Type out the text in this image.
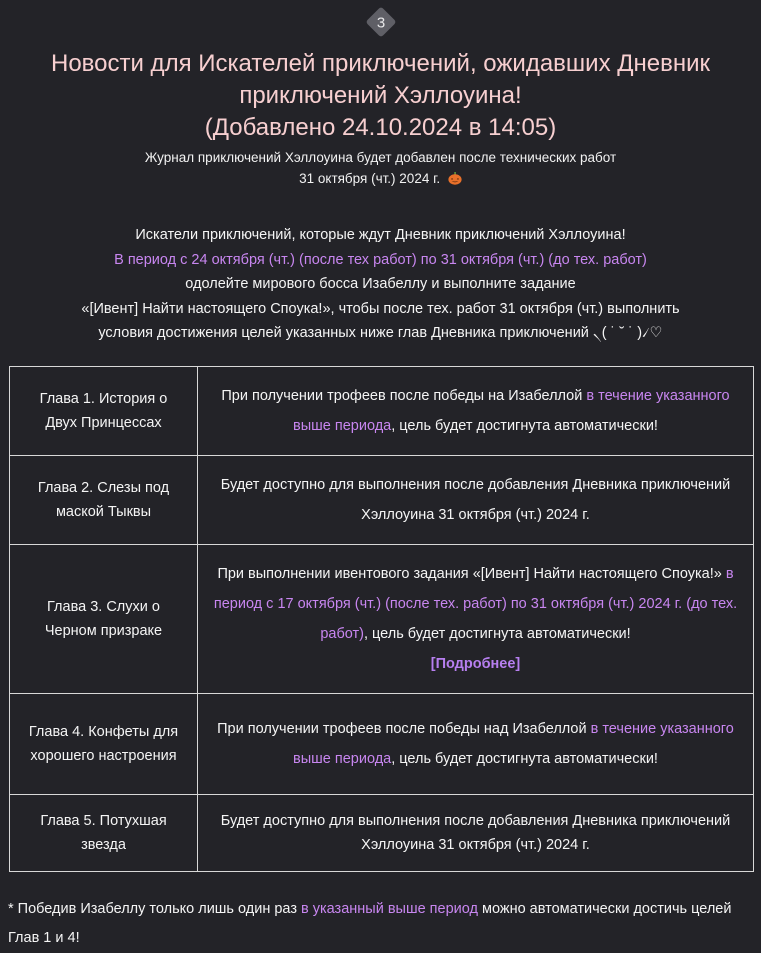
3
Новости для Искателей приключений, ожидавших Дневник
приключений Хэллоуина!
(Добавлено 24.10.2024 в 14:05)
Журнал приключений Хэллоуина будет добавлен после технических работ
31 октября (чт.) 2024 г.
Искатели приключений, которые ждут Дневник приключений Хэллоуина!
В период с 24 октября (чт.) (после тех работ) по 31 октября (чт.) (до тех. работ)
одолейте мирового босса Изабеллу и выполните задание
«[Ивент] Найти настоящего Споука!», чтобы после тех. работ 31 октября (чт.) выполнить
условия достижения целей указанных ниже глав Дневника приключений ৲( ˙ ˘ ˙ )৴♡
Глава 1. История о Двух Принцессах	При получении трофеев после победы на Изабеллой в течение указанного выше периода, цель будет достигнута автоматически!
Глава 2. Слезы под маской Тыквы	Будет доступно для выполнения после добавления Дневника приключений Хэллоуина 31 октября (чт.) 2024 г.
Глава 3. Слухи о Черном призраке	При выполнении ивентового задания «[Ивент] Найти настоящего Споука!» в период с 17 октября (чт.) (после тех. работ) по 31 октября (чт.) 2024 г. (до тех. работ), цель будет достигнута автоматически!
[Подробнее]
Глава 4. Конфеты для хорошего настроения	При получении трофеев после победы над Изабеллой в течение указанного выше периода, цель будет достигнута автоматически!
Глава 5. Потухшая звезда	Будет доступно для выполнения после добавления Дневника приключений Хэллоуина 31 октября (чт.) 2024 г.
* Победив Изабеллу только лишь один раз в указанный выше период можно автоматически достичь целей Глав 1 и 4!
